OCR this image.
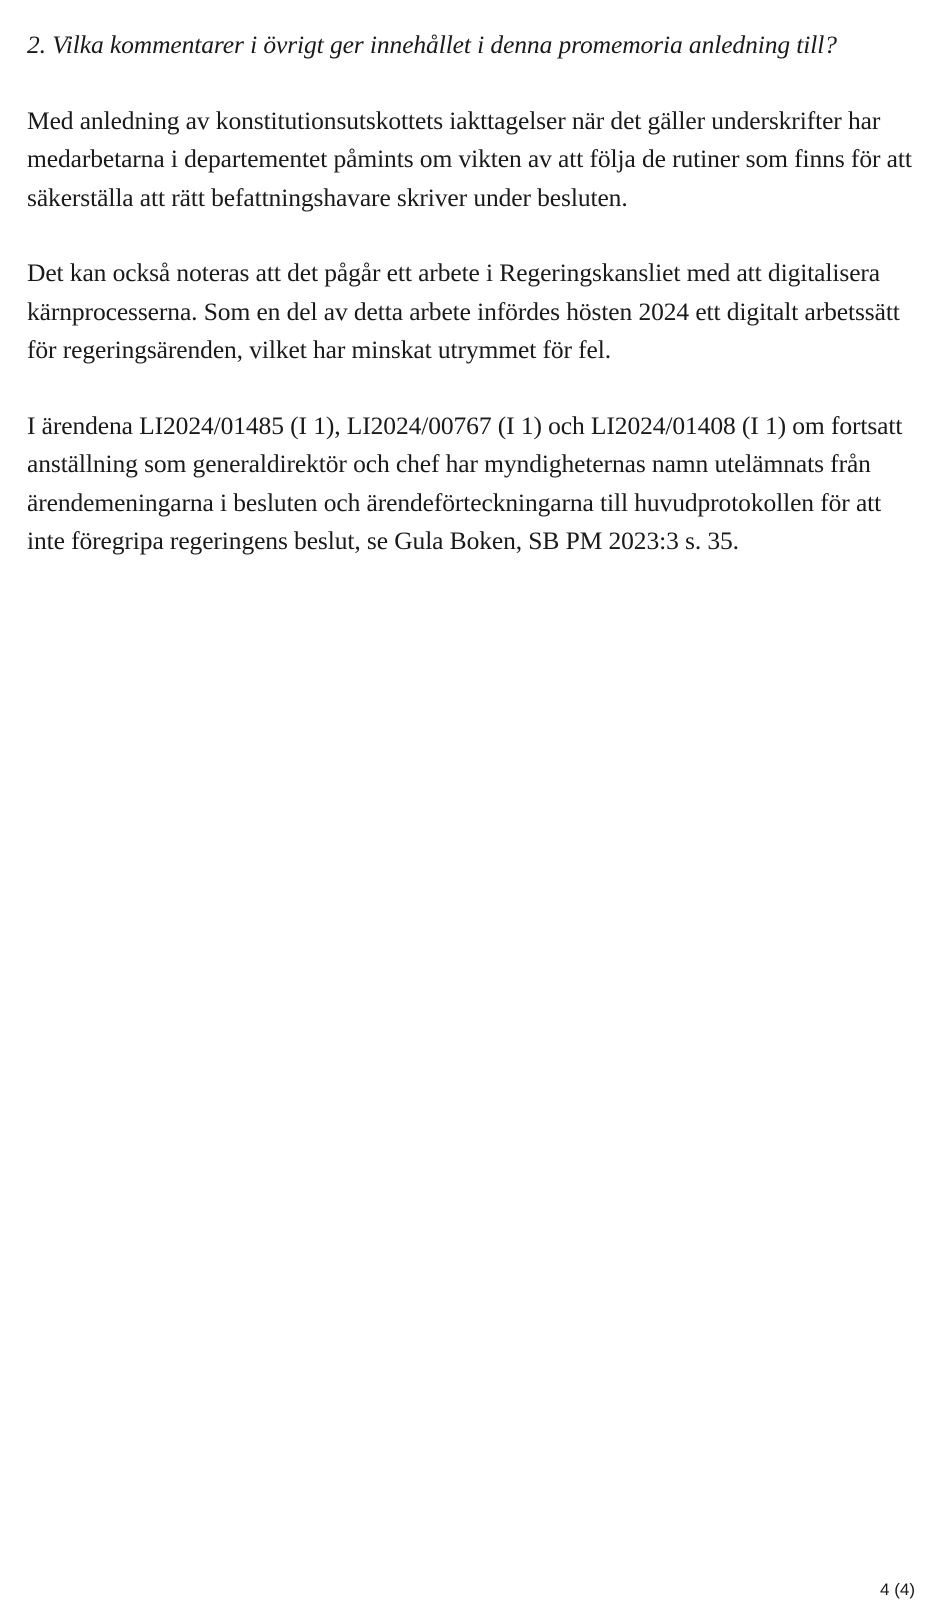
2. Vilka kommentarer i övrigt ger innehållet i denna promemoria anledning till?

Med anledning av konstitutionsutskottets iakttagelser när det gäller underskrifter har medarbetarna i departementet påmints om vikten av att följa de rutiner som finns för att säkerställa att rätt befattningshavare skriver under besluten.

Det kan också noteras att det pågår ett arbete i Regeringskansliet med att digitalisera kärnprocesserna. Som en del av detta arbete infördes hösten 2024 ett digitalt arbetssätt för regeringsärenden, vilket har minskat utrymmet för fel.

I ärendena LI2024/01485 (I 1), LI2024/00767 (I 1) och LI2024/01408 (I 1) om fortsatt anställning som generaldirektör och chef har myndigheternas namn utelämnats från ärendemeningarna i besluten och ärendeförteckningarna till huvudprotokollen för att inte föregripa regeringens beslut, se Gula Boken, SB PM 2023:3 s. 35.

4 (4)
